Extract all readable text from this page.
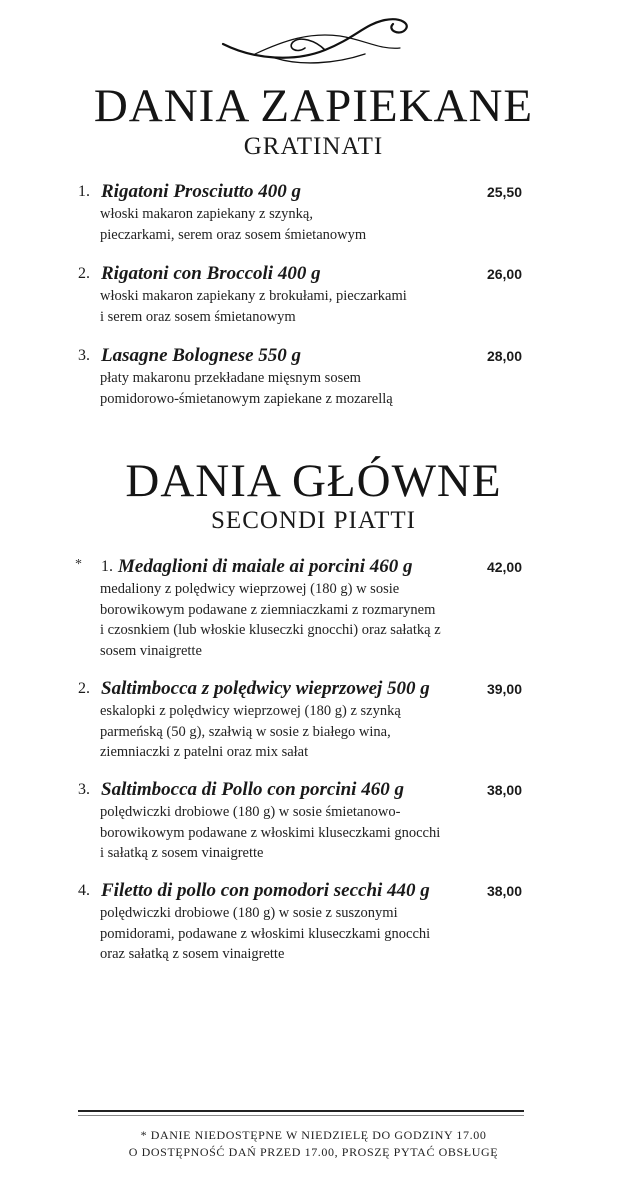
DANIA ZAPIEKANE
GRATINATI
1. Rigatoni Prosciutto 400 g	25,50
włoski makaron zapiekany z szynką,
pieczarkami, serem oraz sosem śmietanowym
2. Rigatoni con Broccoli 400 g	26,00
włoski makaron zapiekany z brokułami, pieczarkami
i serem oraz sosem śmietanowym
3. Lasagne Bolognese 550 g	28,00
płaty makaronu przekładane mięsnym sosem
pomidorowo-śmietanowym zapiekane z mozarellą
DANIA GŁÓWNE
SECONDI PIATTI
* 1. Medaglioni di maiale ai porcini 460 g	42,00
medaliony z polędwicy wieprzowej (180 g) w sosie
borowikowym podawane z ziemniaczkami z rozmarynem
i czosnkiem (lub włoskie kluseczki gnocchi) oraz sałatką z
sosem vinaigrette
2. Saltimbocca z polędwicy wieprzowej 500 g	39,00
eskalopki z polędwicy wieprzowej (180 g) z szynką
parmeńską (50 g), szałwią w sosie z białego wina,
ziemniaczki z patelni oraz mix sałat
3. Saltimbocca di Pollo con porcini 460 g	38,00
polędwiczki drobiowe (180 g) w sosie śmietanowo-
borowikowym podawane z włoskimi kluseczkami gnocchi
i sałatką z sosem vinaigrette
4. Filetto di pollo con pomodori secchi 440 g	38,00
polędwiczki drobiowe (180 g) w sosie z suszonymi
pomidorami, podawane z włoskimi kluseczkami gnocchi
oraz sałatką z sosem vinaigrette
* DANIE NIEDOSTĘPNE W NIEDZIELĘ DO GODZINY 17.00
O DOSTĘPNOŚĆ DAŃ PRZED 17.00, PROSZĘ PYTAĆ OBSŁUGĘ
